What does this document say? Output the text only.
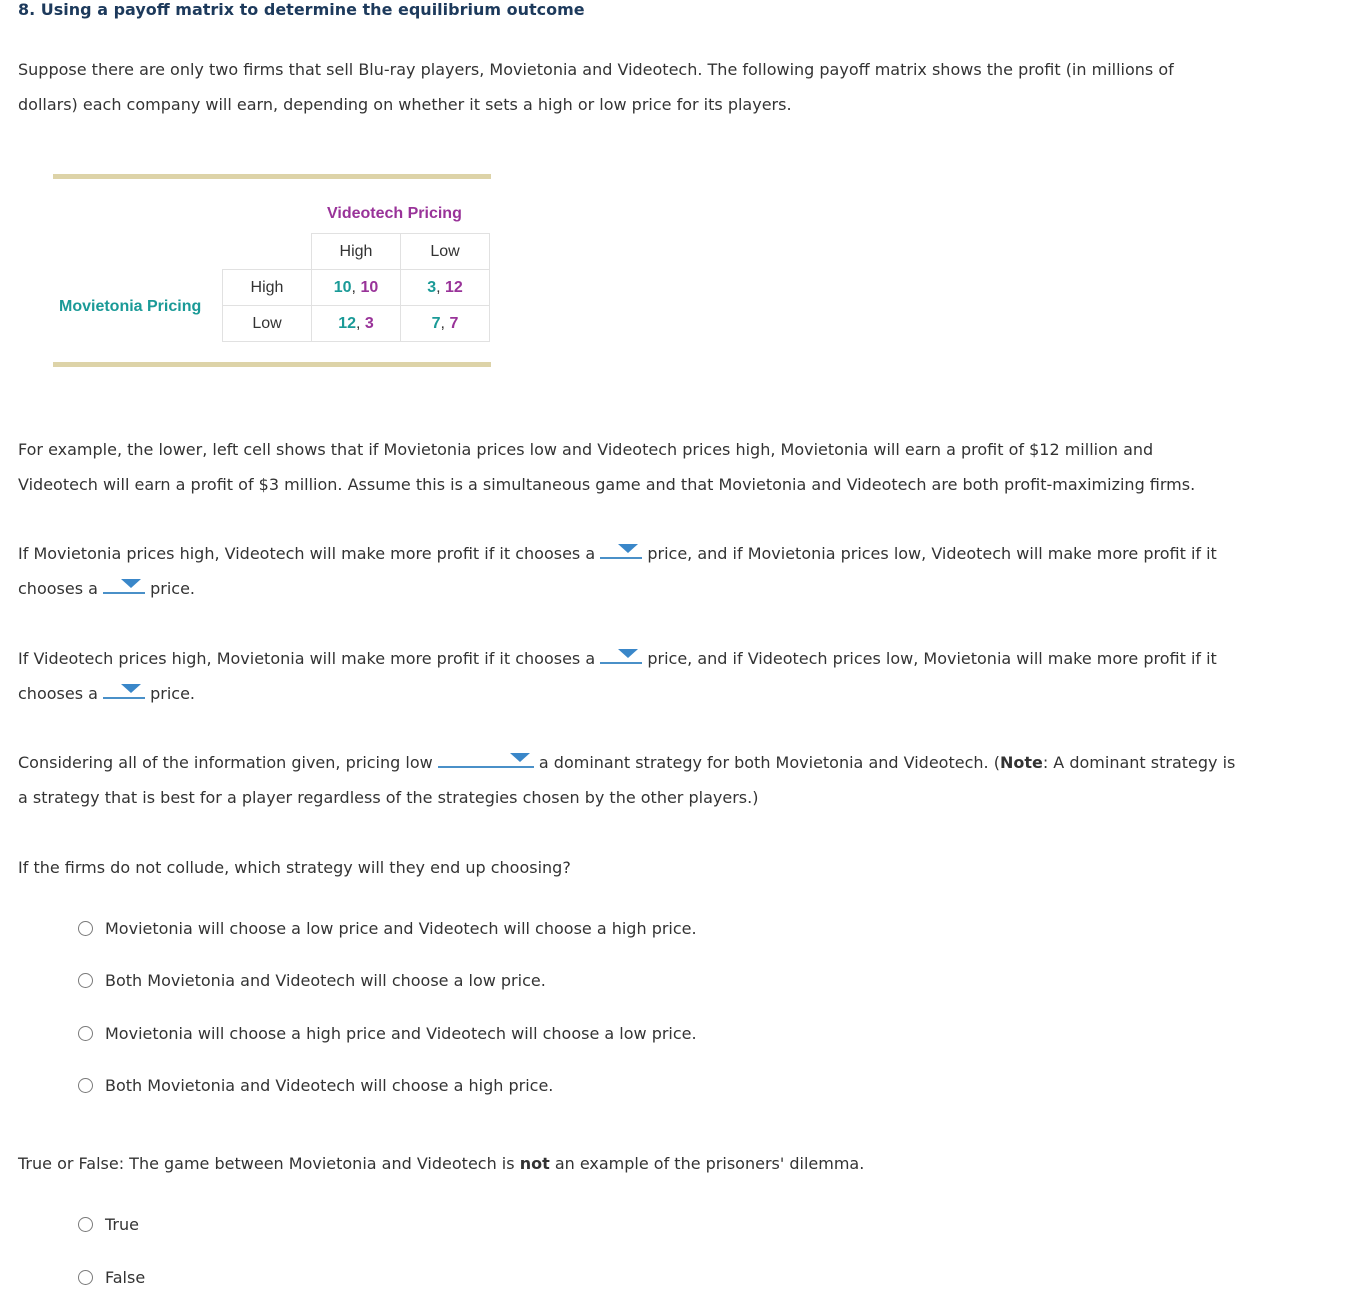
8. Using a payoff matrix to determine the equilibrium outcome
Suppose there are only two firms that sell Blu-ray players, Movietonia and Videotech. The following payoff matrix shows the profit (in millions of
dollars) each company will earn, depending on whether it sets a high or low price for its players.
Videotech Pricing
Movietonia Pricing
	High	Low
High	10, 10	3, 12
Low	12, 3	7, 7
For example, the lower, left cell shows that if Movietonia prices low and Videotech prices high, Movietonia will earn a profit of $12 million and
Videotech will earn a profit of $3 million. Assume this is a simultaneous game and that Movietonia and Videotech are both profit-maximizing firms.
If Movietonia prices high, Videotech will make more profit if it chooses a	price, and if Movietonia prices low, Videotech will make more profit if it
chooses a	price.
If Videotech prices high, Movietonia will make more profit if it chooses a	price, and if Videotech prices low, Movietonia will make more profit if it
chooses a	price.
Considering all of the information given, pricing low	a dominant strategy for both Movietonia and Videotech. (Note: A dominant strategy is
a strategy that is best for a player regardless of the strategies chosen by the other players.)
If the firms do not collude, which strategy will they end up choosing?
Movietonia will choose a low price and Videotech will choose a high price.
Both Movietonia and Videotech will choose a low price.
Movietonia will choose a high price and Videotech will choose a low price.
Both Movietonia and Videotech will choose a high price.
True or False: The game between Movietonia and Videotech is not an example of the prisoners' dilemma.
True
False
